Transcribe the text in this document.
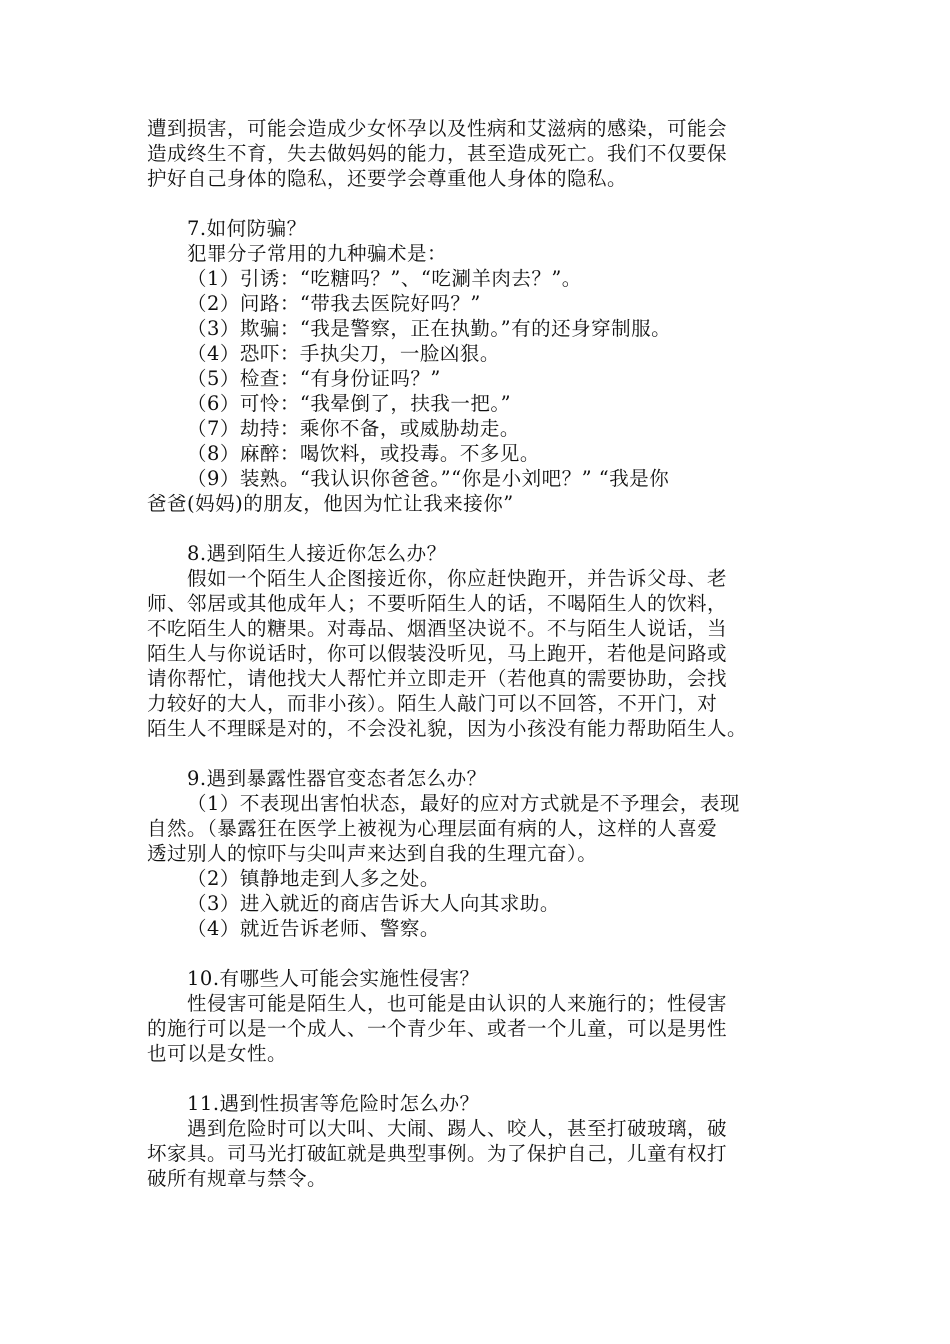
遭到损害，可能会造成少女怀孕以及性病和艾滋病的感染，可能会
造成终生不育，失去做妈妈的能力，甚至造成死亡。我们不仅要保
护好自己身体的隐私，还要学会尊重他人身体的隐私。
7.如何防骗？
犯罪分子常用的九种骗术是：
（1）引诱：“吃糖吗？”、“吃涮羊肉去？”。
（2）问路：“带我去医院好吗？”
（3）欺骗：“我是警察，正在执勤。”有的还身穿制服。
（4）恐吓：手执尖刀，一脸凶狠。
（5）检查：“有身份证吗？”
（6）可怜：“我晕倒了，扶我一把。”
（7）劫持：乘你不备，或威胁劫走。
（8）麻醉：喝饮料，或投毒。不多见。
（9）装熟。“我认识你爸爸。”“你是小刘吧？” “我是你
爸爸(妈妈)的朋友，他因为忙让我来接你”
8.遇到陌生人接近你怎么办？
假如一个陌生人企图接近你，你应赶快跑开，并告诉父母、老
师、邻居或其他成年人；不要听陌生人的话，不喝陌生人的饮料，
不吃陌生人的糖果。对毒品、烟酒坚决说不。不与陌生人说话，当
陌生人与你说话时，你可以假装没听见，马上跑开，若他是问路或
请你帮忙，请他找大人帮忙并立即走开（若他真的需要协助，会找
力较好的大人，而非小孩）。陌生人敲门可以不回答，不开门，对
陌生人不理睬是对的，不会没礼貌，因为小孩没有能力帮助陌生人。
9.遇到暴露性器官变态者怎么办？
（1）不表现出害怕状态，最好的应对方式就是不予理会，表现
自然。（暴露狂在医学上被视为心理层面有病的人，这样的人喜爱
透过别人的惊吓与尖叫声来达到自我的生理亢奋）。
（2）镇静地走到人多之处。
（3）进入就近的商店告诉大人向其求助。
（4）就近告诉老师、警察。
10.有哪些人可能会实施性侵害？
性侵害可能是陌生人，也可能是由认识的人来施行的；性侵害
的施行可以是一个成人、一个青少年、或者一个儿童，可以是男性
也可以是女性。
11.遇到性损害等危险时怎么办？
遇到危险时可以大叫、大闹、踢人、咬人，甚至打破玻璃，破
坏家具。司马光打破缸就是典型事例。为了保护自己，儿童有权打
破所有规章与禁令。
